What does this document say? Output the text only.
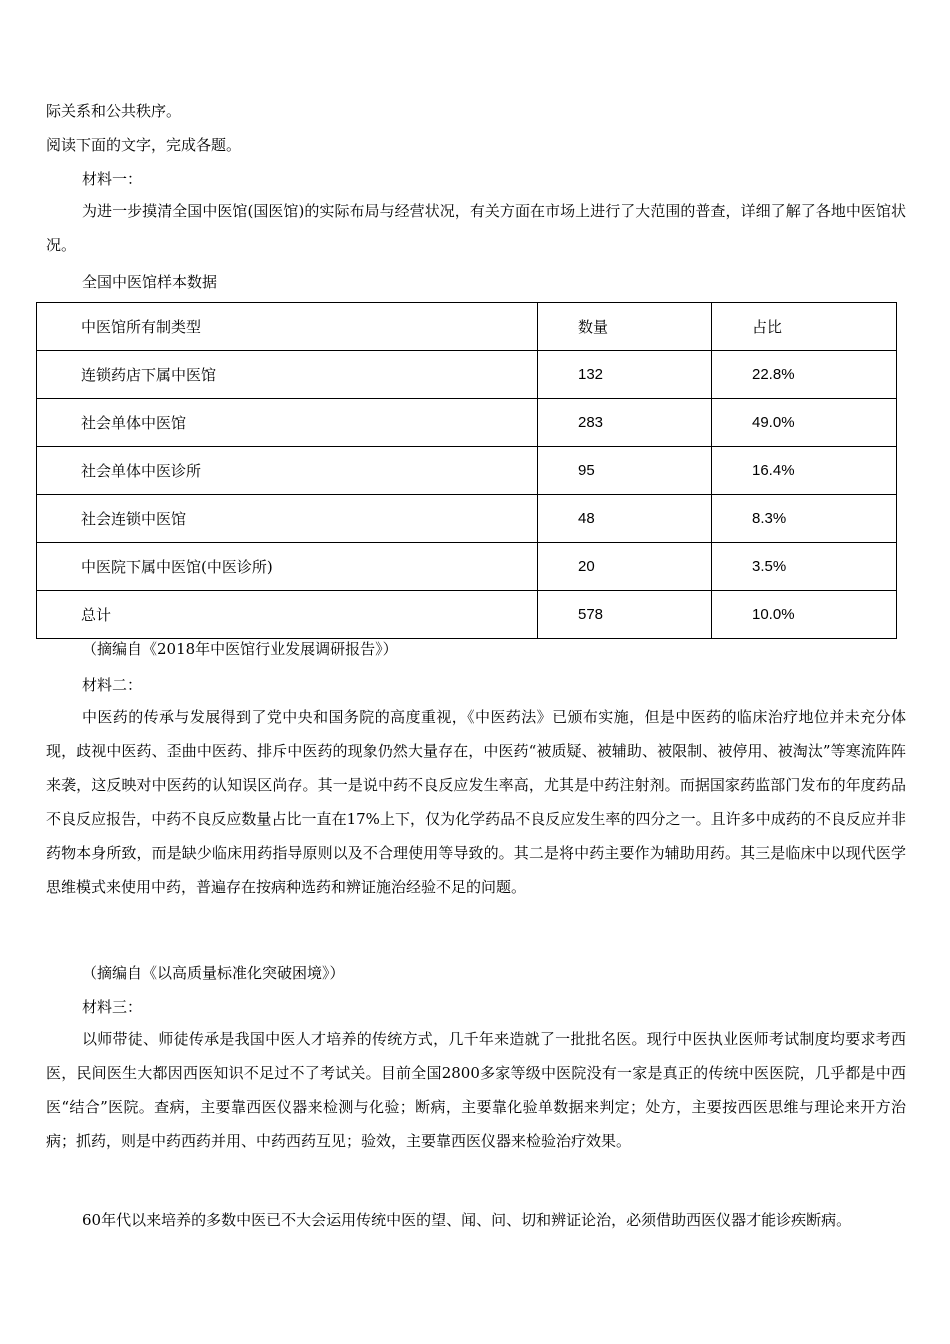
际关系和公共秩序。
阅读下面的文字，完成各题。
材料一：

为进一步摸清全国中医馆(国医馆)的实际布局与经营状况，有关方面在市场上进行了大范围的普查，详细了解了各地中医馆状况。

全国中医馆样本数据
中医馆所有制类型	数量	占比
连锁药店下属中医馆	132	22.8%
社会单体中医馆	283	49.0%
社会单体中医诊所	95	16.4%
社会连锁中医馆	48	8.3%
中医院下属中医馆(中医诊所)	20	3.5%
总计	578	10.0%
（摘编自《2018年中医馆行业发展调研报告》）
材料二：

中医药的传承与发展得到了党中央和国务院的高度重视，《中医药法》已颁布实施，但是中医药的临床治疗地位并未充分体现，歧视中医药、歪曲中医药、排斥中医药的现象仍然大量存在，中医药“被质疑、被辅助、被限制、被停用、被淘汰”等寒流阵阵来袭，这反映对中医药的认知误区尚存。其一是说中药不良反应发生率高，尤其是中药注射剂。而据国家药监部门发布的年度药品不良反应报告，中药不良反应数量占比一直在17%上下，仅为化学药品不良反应发生率的四分之一。且许多中成药的不良反应并非药物本身所致，而是缺少临床用药指导原则以及不合理使用等导致的。其二是将中药主要作为辅助用药。其三是临床中以现代医学思维模式来使用中药，普遍存在按病种选药和辨证施治经验不足的问题。

（摘编自《以高质量标准化突破困境》）
材料三：

以师带徒、师徒传承是我国中医人才培养的传统方式，几千年来造就了一批批名医。现行中医执业医师考试制度均要求考西医，民间医生大都因西医知识不足过不了考试关。目前全国2800多家等级中医院没有一家是真正的传统中医医院，几乎都是中西医“结合”医院。查病，主要靠西医仪器来检测与化验；断病，主要靠化验单数据来判定；处方，主要按西医思维与理论来开方治病；抓药，则是中药西药并用、中药西药互见；验效，主要靠西医仪器来检验治疗效果。

60年代以来培养的多数中医已不大会运用传统中医的望、闻、问、切和辨证论治，必须借助西医仪器才能诊疾断病。
